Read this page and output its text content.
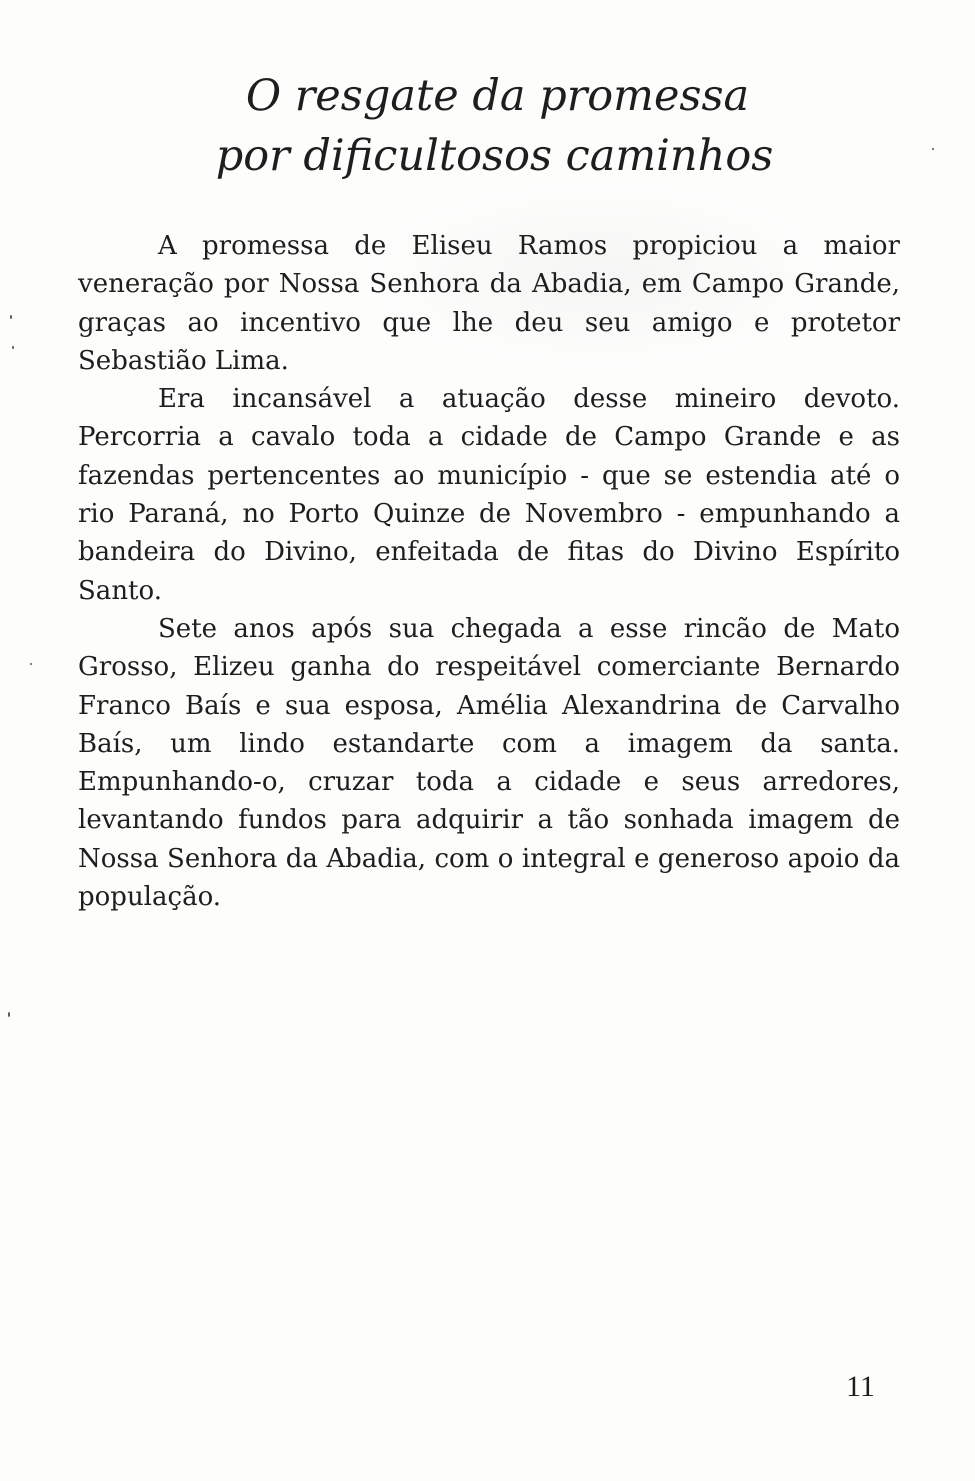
O resgate da promessa
por dificultosos caminhos

A promessa de Eliseu Ramos propiciou a maior veneração por Nossa Senhora da Abadia, em Campo Grande, graças ao incentivo que lhe deu seu amigo e protetor Sebastião Lima.

Era incansável a atuação desse mineiro devoto. Percorria a cavalo toda a cidade de Campo Grande e as fazendas pertencentes ao município - que se estendia até o rio Paraná, no Porto Quinze de Novembro - empunhando a bandeira do Divino, enfeitada de fitas do Divino Espírito Santo.

Sete anos após sua chegada a esse rincão de Mato Grosso, Elizeu ganha do respeitável comerciante Bernardo Franco Baís e sua esposa, Amélia Alexandrina de Carvalho Baís, um lindo estandarte com a imagem da santa. Empunhando-o, cruzar toda a cidade e seus arredores, levantando fundos para adquirir a tão sonhada imagem de Nossa Senhora da Abadia, com o integral e generoso apoio da população.

11
